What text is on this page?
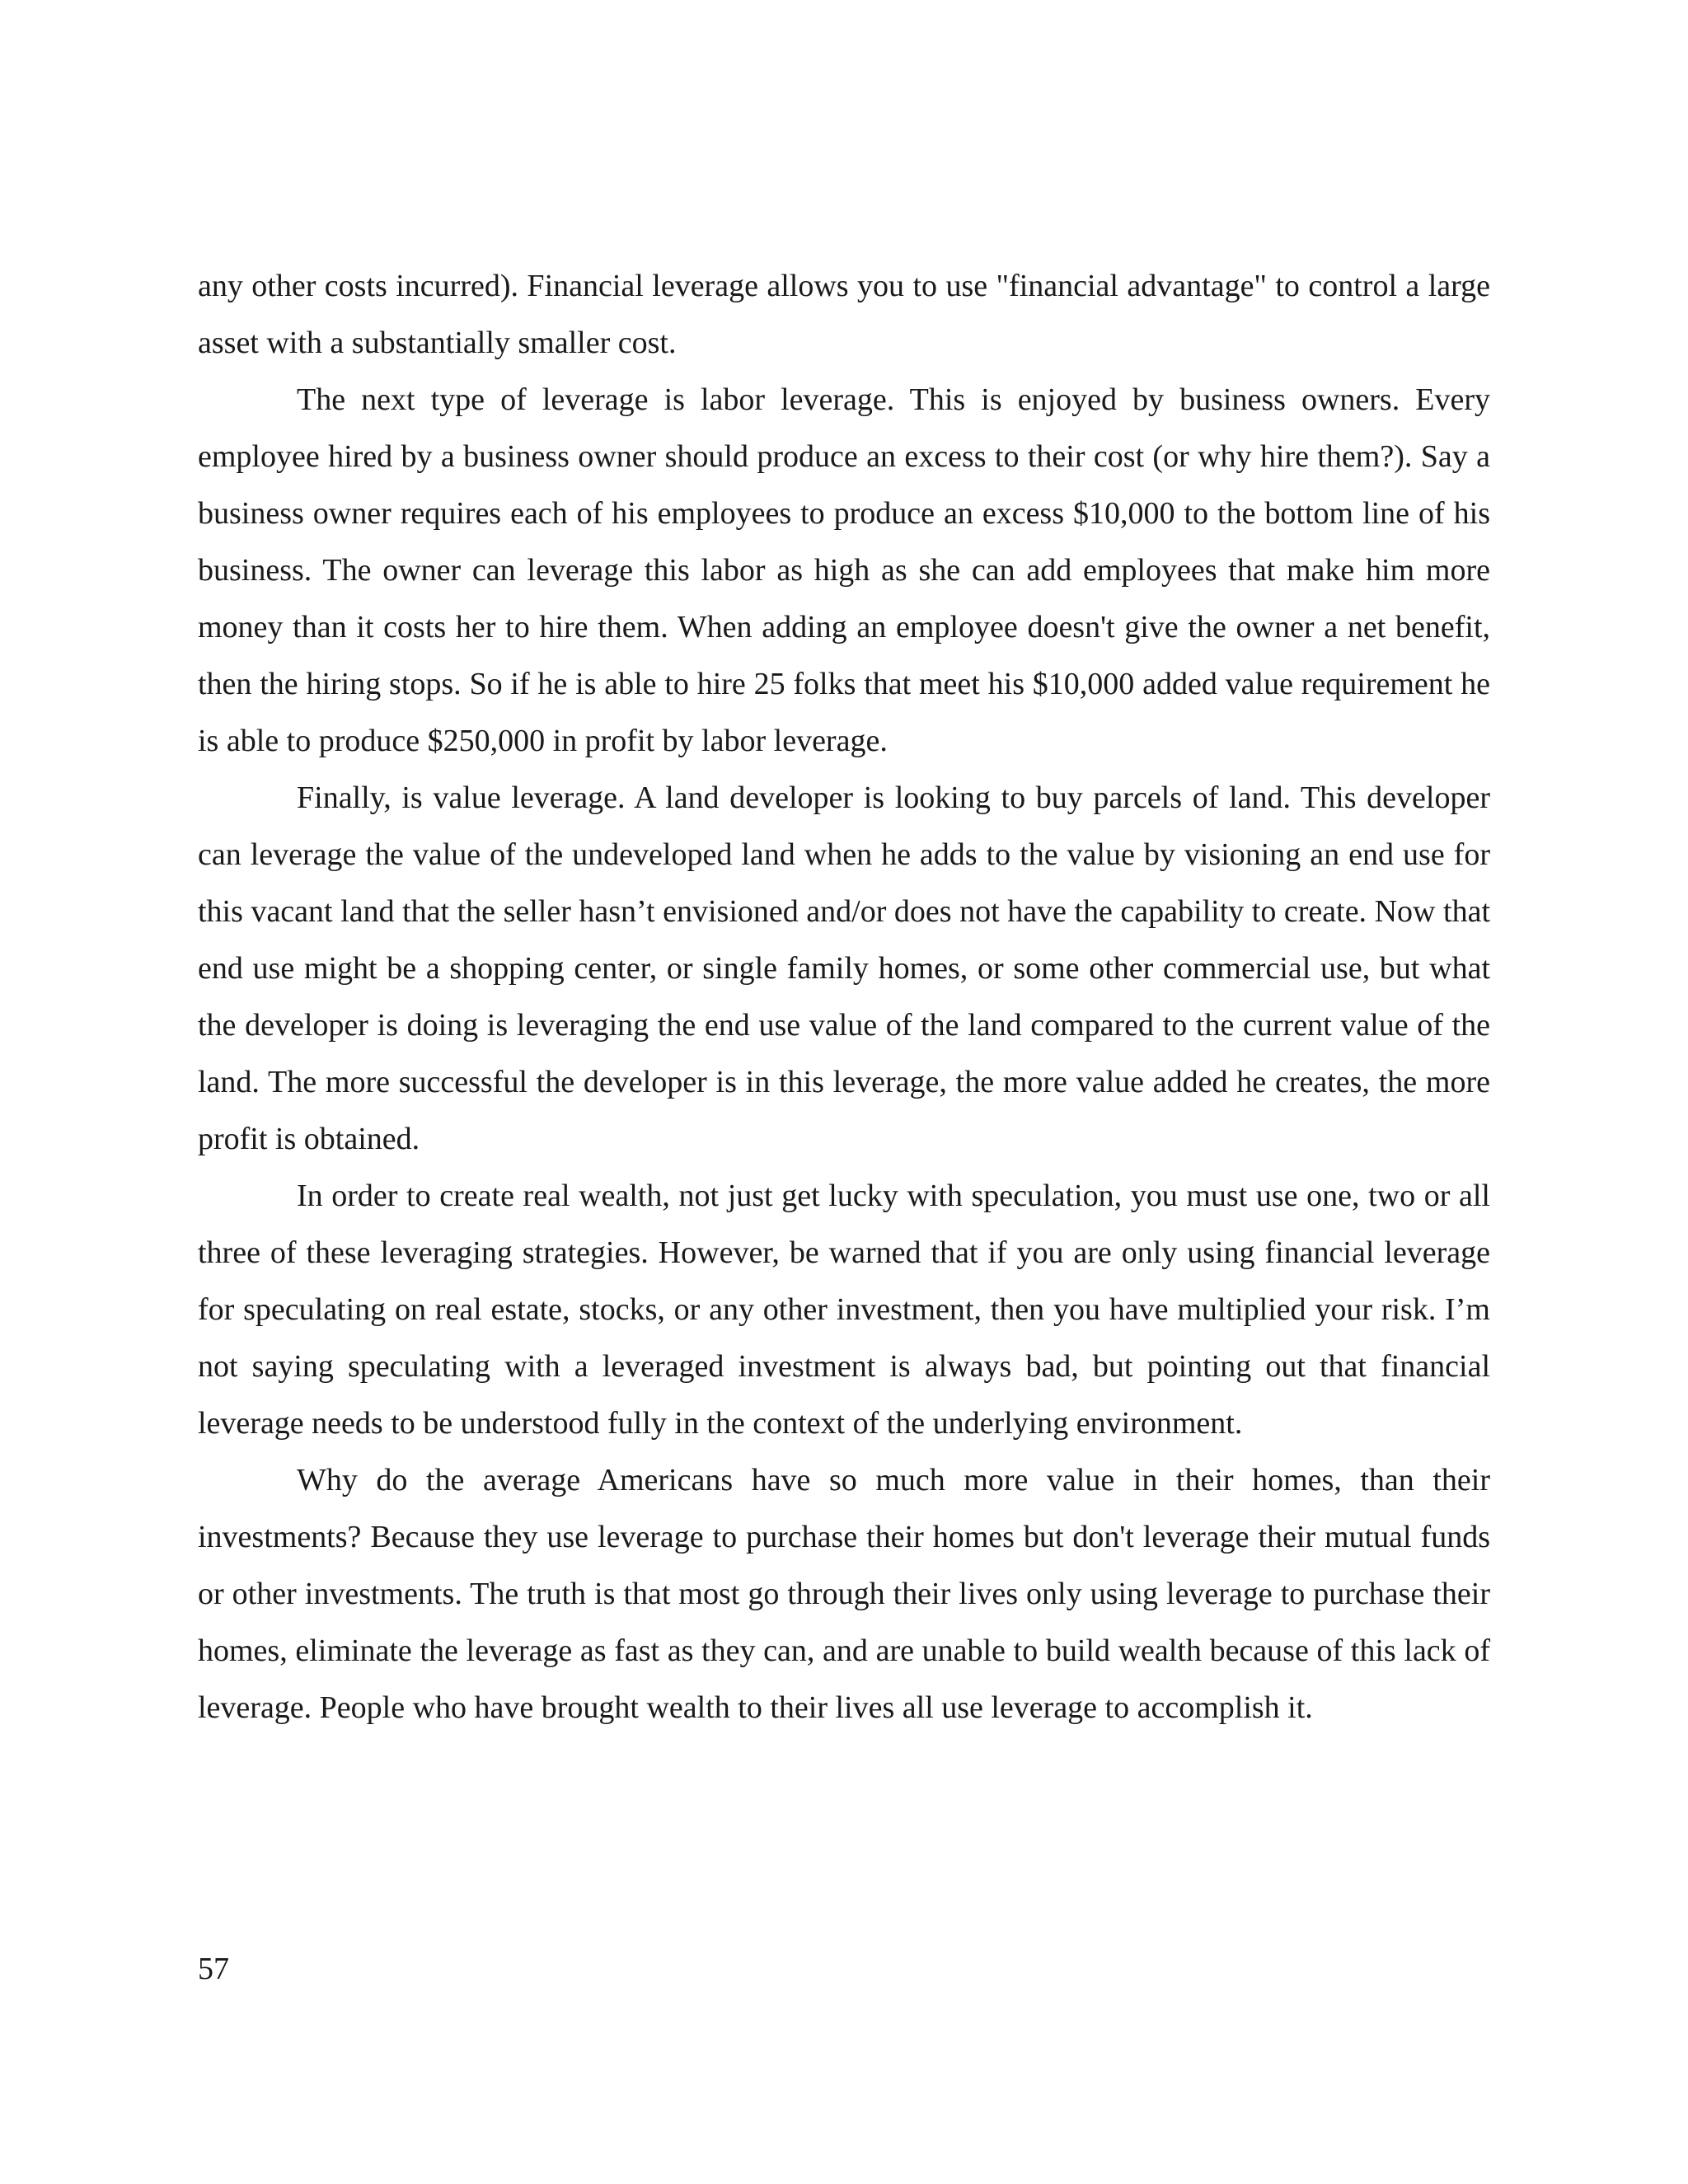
any other costs incurred). Financial leverage allows you to use "financial advantage" to control a large asset with a substantially smaller cost.

The next type of leverage is labor leverage. This is enjoyed by business owners. Every employee hired by a business owner should produce an excess to their cost (or why hire them?). Say a business owner requires each of his employees to produce an excess $10,000 to the bottom line of his business. The owner can leverage this labor as high as she can add employees that make him more money than it costs her to hire them. When adding an employee doesn't give the owner a net benefit, then the hiring stops. So if he is able to hire 25 folks that meet his $10,000 added value requirement he is able to produce $250,000 in profit by labor leverage.

Finally, is value leverage. A land developer is looking to buy parcels of land. This developer can leverage the value of the undeveloped land when he adds to the value by visioning an end use for this vacant land that the seller hasn’t envisioned and/or does not have the capability to create. Now that end use might be a shopping center, or single family homes, or some other commercial use, but what the developer is doing is leveraging the end use value of the land compared to the current value of the land. The more successful the developer is in this leverage, the more value added he creates, the more profit is obtained.

In order to create real wealth, not just get lucky with speculation, you must use one, two or all three of these leveraging strategies. However, be warned that if you are only using financial leverage for speculating on real estate, stocks, or any other investment, then you have multiplied your risk. I’m not saying speculating with a leveraged investment is always bad, but pointing out that financial leverage needs to be understood fully in the context of the underlying environment.

Why do the average Americans have so much more value in their homes, than their investments? Because they use leverage to purchase their homes but don't leverage their mutual funds or other investments. The truth is that most go through their lives only using leverage to purchase their homes, eliminate the leverage as fast as they can, and are unable to build wealth because of this lack of leverage. People who have brought wealth to their lives all use leverage to accomplish it.

57
